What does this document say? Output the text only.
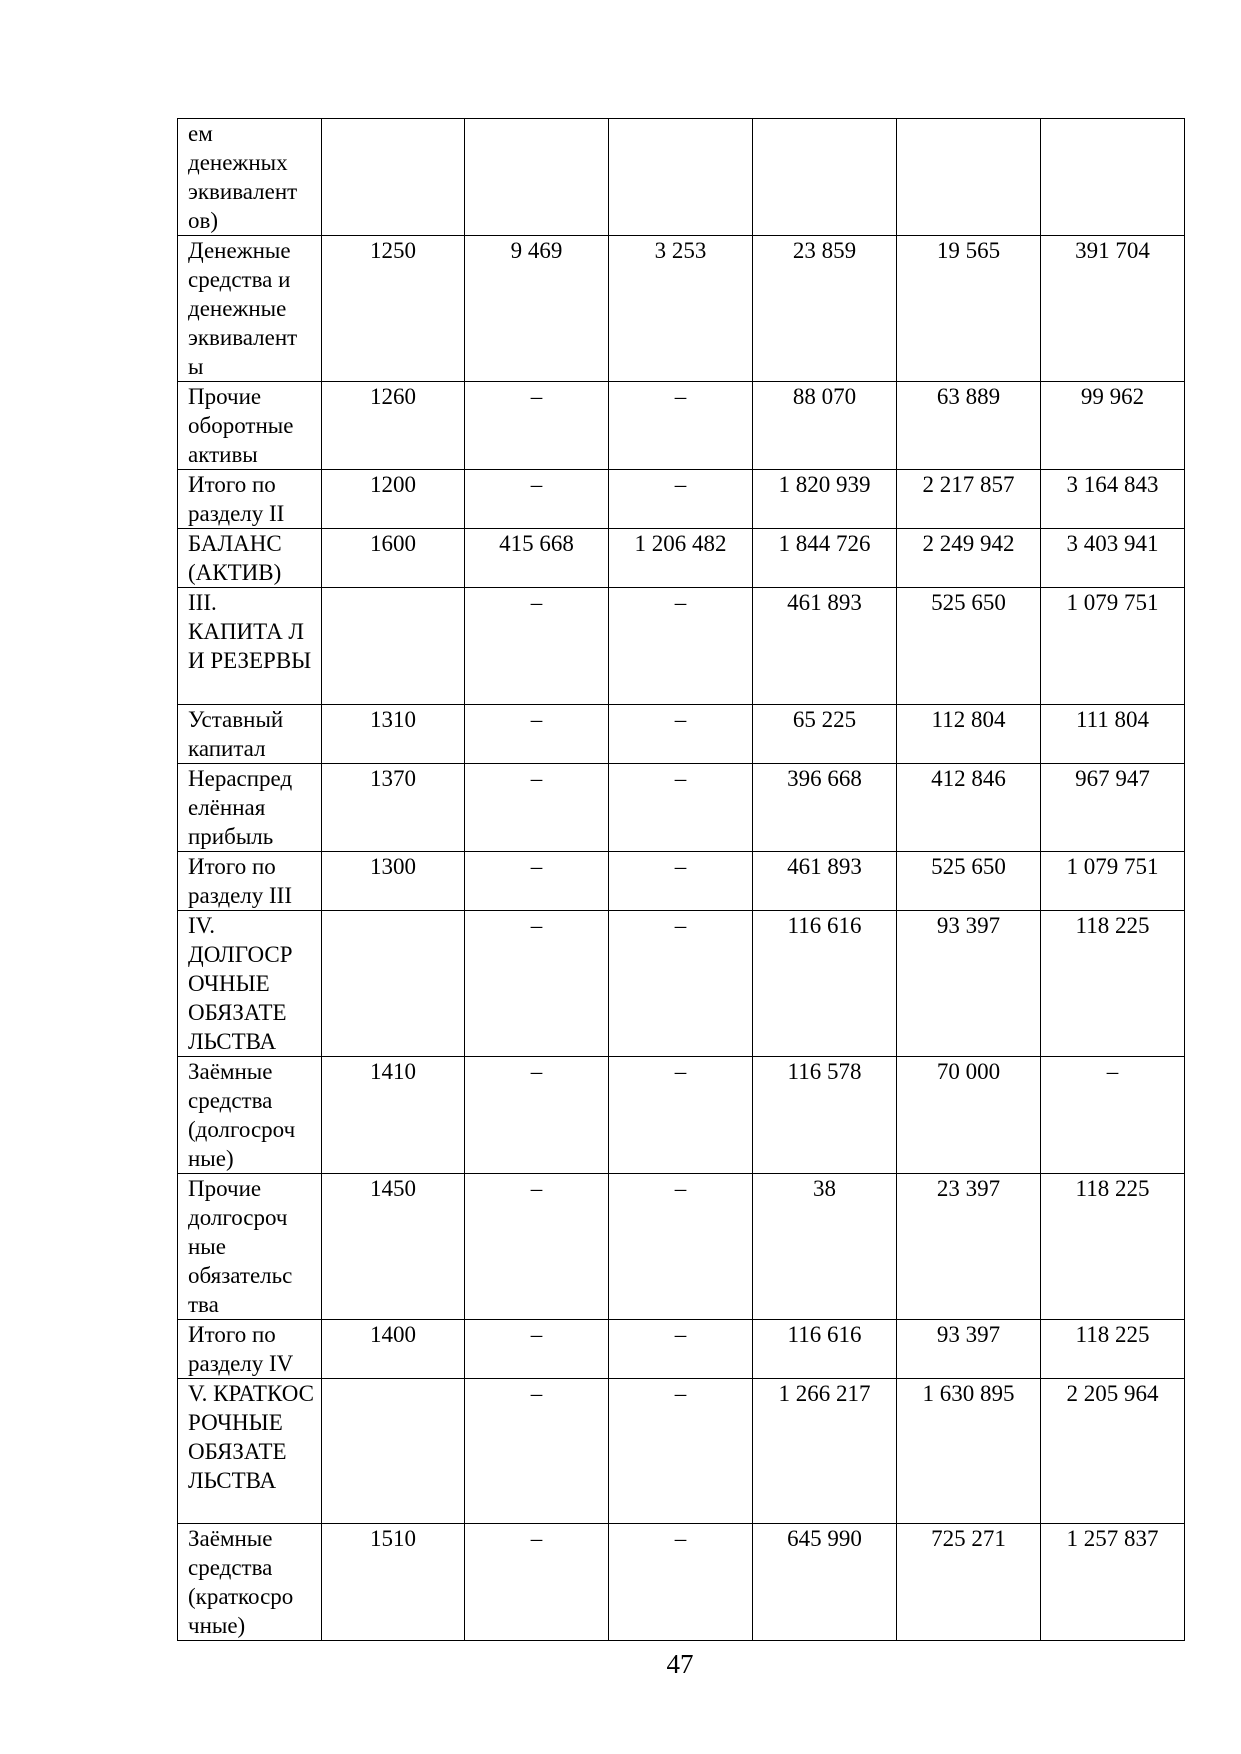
ем денежных эквивалент ов)						
Денежные средства и денежные эквивалент ы	1250	9 469	3 253	23 859	19 565	391 704
Прочие оборотные активы	1260	–	–	88 070	63 889	99 962
Итого по разделу II	1200	–	–	1 820 939	2 217 857	3 164 843
БАЛАНС (АКТИВ)	1600	415 668	1 206 482	1 844 726	2 249 942	3 403 941
III. КАПИТА Л И РЕЗЕРВЫ		–	–	461 893	525 650	1 079 751
Уставный капитал	1310	–	–	65 225	112 804	111 804
Нераспред елённая прибыль	1370	–	–	396 668	412 846	967 947
Итого по разделу III	1300	–	–	461 893	525 650	1 079 751
IV. ДОЛГОСР ОЧНЫЕ ОБЯЗАТЕ ЛЬСТВА		–	–	116 616	93 397	118 225
Заёмные средства (долгосроч ные)	1410	–	–	116 578	70 000	–
Прочие долгосроч ные обязательс тва	1450	–	–	38	23 397	118 225
Итого по разделу IV	1400	–	–	116 616	93 397	118 225
V. КРАТКОС РОЧНЫЕ ОБЯЗАТЕ ЛЬСТВА		–	–	1 266 217	1 630 895	2 205 964
Заёмные средства (краткосро чные)	1510	–	–	645 990	725 271	1 257 837
47
